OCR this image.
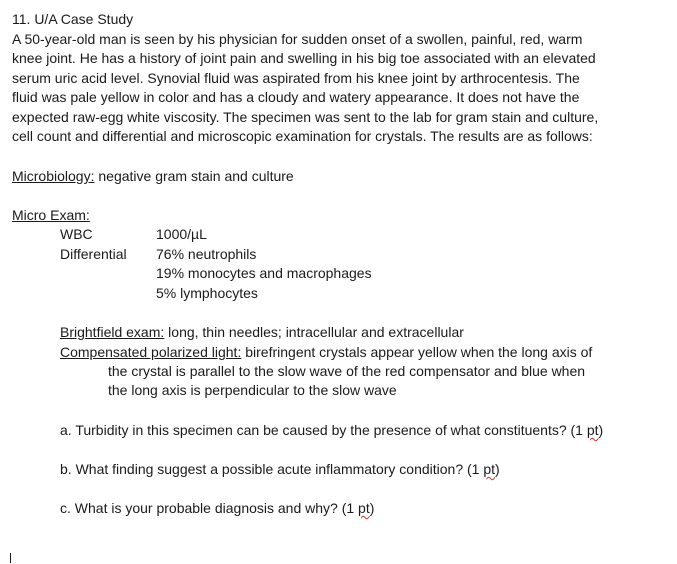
11. U/A Case Study
A 50-year-old man is seen by his physician for sudden onset of a swollen, painful, red, warm
knee joint. He has a history of joint pain and swelling in his big toe associated with an elevated
serum uric acid level. Synovial fluid was aspirated from his knee joint by arthrocentesis. The
fluid was pale yellow in color and has a cloudy and watery appearance. It does not have the
expected raw-egg white viscosity. The specimen was sent to the lab for gram stain and culture,
cell count and differential and microscopic examination for crystals. The results are as follows:
Microbiology: negative gram stain and culture
Micro Exam:
WBC	1000/µL
Differential 76% neutrophils
19% monocytes and macrophages
5% lymphocytes
Brightfield exam: long, thin needles; intracellular and extracellular
Compensated polarized light: birefringent crystals appear yellow when the long axis of
the crystal is parallel to the slow wave of the red compensator and blue when
the long axis is perpendicular to the slow wave
a. Turbidity in this specimen can be caused by the presence of what constituents? (1 pt)
b. What finding suggest a possible acute inflammatory condition? (1 pt)
c. What is your probable diagnosis and why? (1 pt)
